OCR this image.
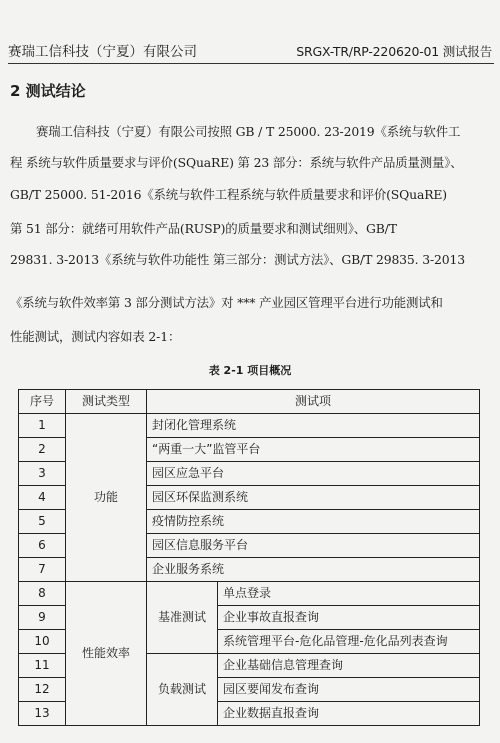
赛瑞工信科技（宁夏）有限公司	SRGX-TR/RP-220620-01 测试报告
2 测试结论
赛瑞工信科技（宁夏）有限公司按照 GB / T 25000. 23-2019《系统与软件工
程 系统与软件质量要求与评价(SQuaRE) 第 23 部分：系统与软件产品质量测量》、
GB/T 25000. 51-2016《系统与软件工程系统与软件质量要求和评价(SQuaRE)
第 51 部分：就绪可用软件产品(RUSP)的质量要求和测试细则》、GB/T
29831. 3-2013《系统与软件功能性 第三部分：测试方法》、GB/T 29835. 3-2013
《系统与软件效率第 3 部分测试方法》对 *** 产业园区管理平台进行功能测试和
性能测试，测试内容如表 2-1：
表 2-1 项目概况
序号	测试类型	测试项	
1	功能	封闭化管理系统	
2		“两重一大”监管平台	
3		园区应急平台	
4		园区环保监测系统	
5		疫情防控系统	
6		园区信息服务平台	
7		企业服务系统	
8	性能效率	基准测试	单点登录
9			企业事故直报查询
10			系统管理平台-危化品管理-危化品列表查询
11		负载测试	企业基础信息管理查询
12			园区要闻发布查询
13			企业数据直报查询
